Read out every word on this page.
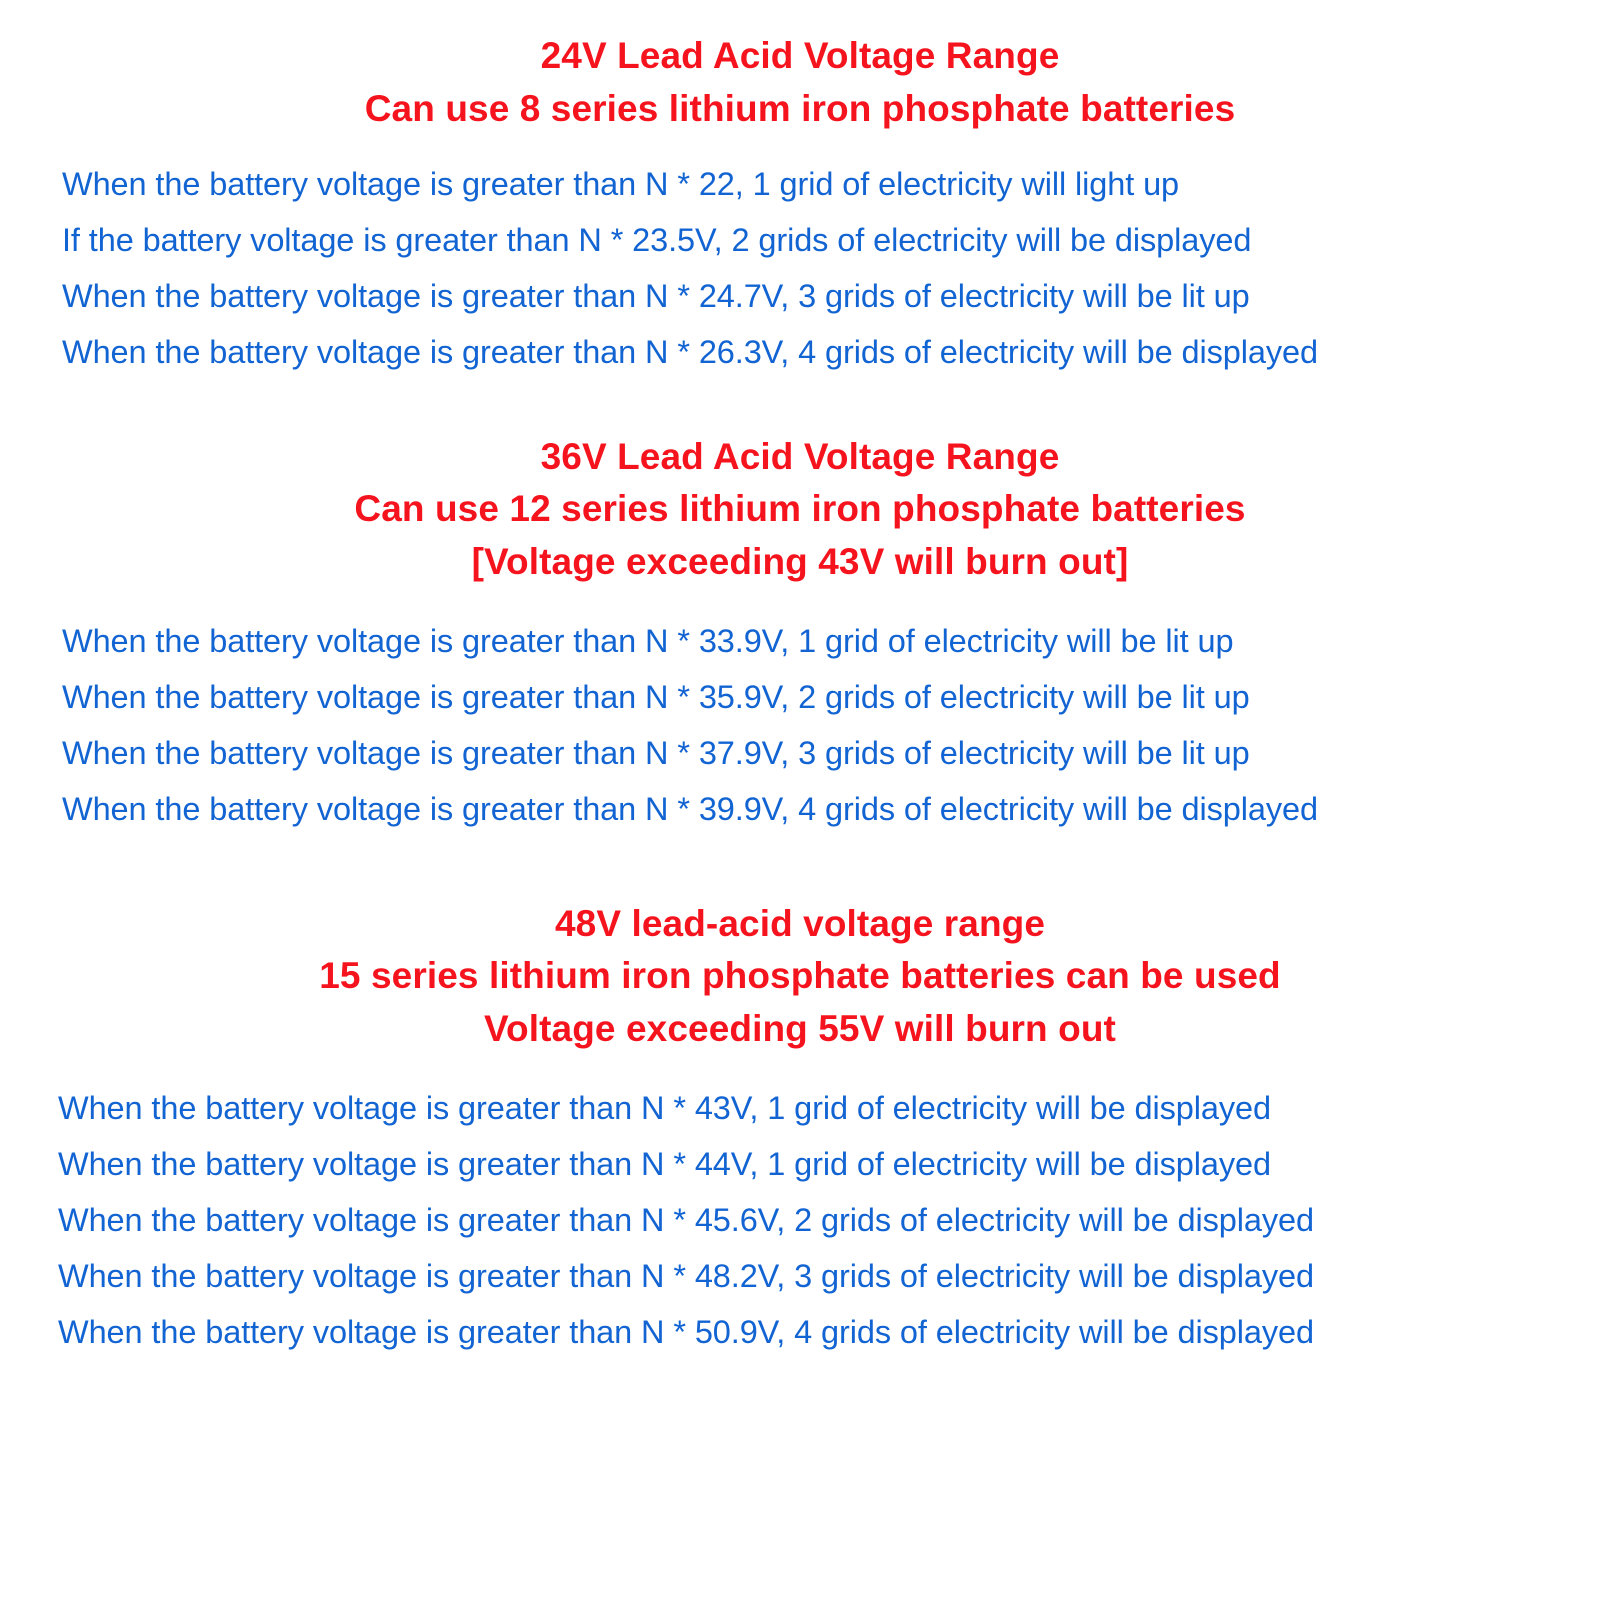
24V Lead Acid Voltage Range
Can use 8 series lithium iron phosphate batteries
When the battery voltage is greater than N * 22, 1 grid of electricity will light up
If the battery voltage is greater than N * 23.5V, 2 grids of electricity will be displayed
When the battery voltage is greater than N * 24.7V, 3 grids of electricity will be lit up
When the battery voltage is greater than N * 26.3V, 4 grids of electricity will be displayed
36V Lead Acid Voltage Range
Can use 12 series lithium iron phosphate batteries
[Voltage exceeding 43V will burn out]
When the battery voltage is greater than N * 33.9V, 1 grid of electricity will be lit up
When the battery voltage is greater than N * 35.9V, 2 grids of electricity will be lit up
When the battery voltage is greater than N * 37.9V, 3 grids of electricity will be lit up
When the battery voltage is greater than N * 39.9V, 4 grids of electricity will be displayed
48V lead-acid voltage range
15 series lithium iron phosphate batteries can be used
Voltage exceeding 55V will burn out
When the battery voltage is greater than N * 43V, 1 grid of electricity will be displayed
When the battery voltage is greater than N * 44V, 1 grid of electricity will be displayed
When the battery voltage is greater than N * 45.6V, 2 grids of electricity will be displayed
When the battery voltage is greater than N * 48.2V, 3 grids of electricity will be displayed
When the battery voltage is greater than N * 50.9V, 4 grids of electricity will be displayed
